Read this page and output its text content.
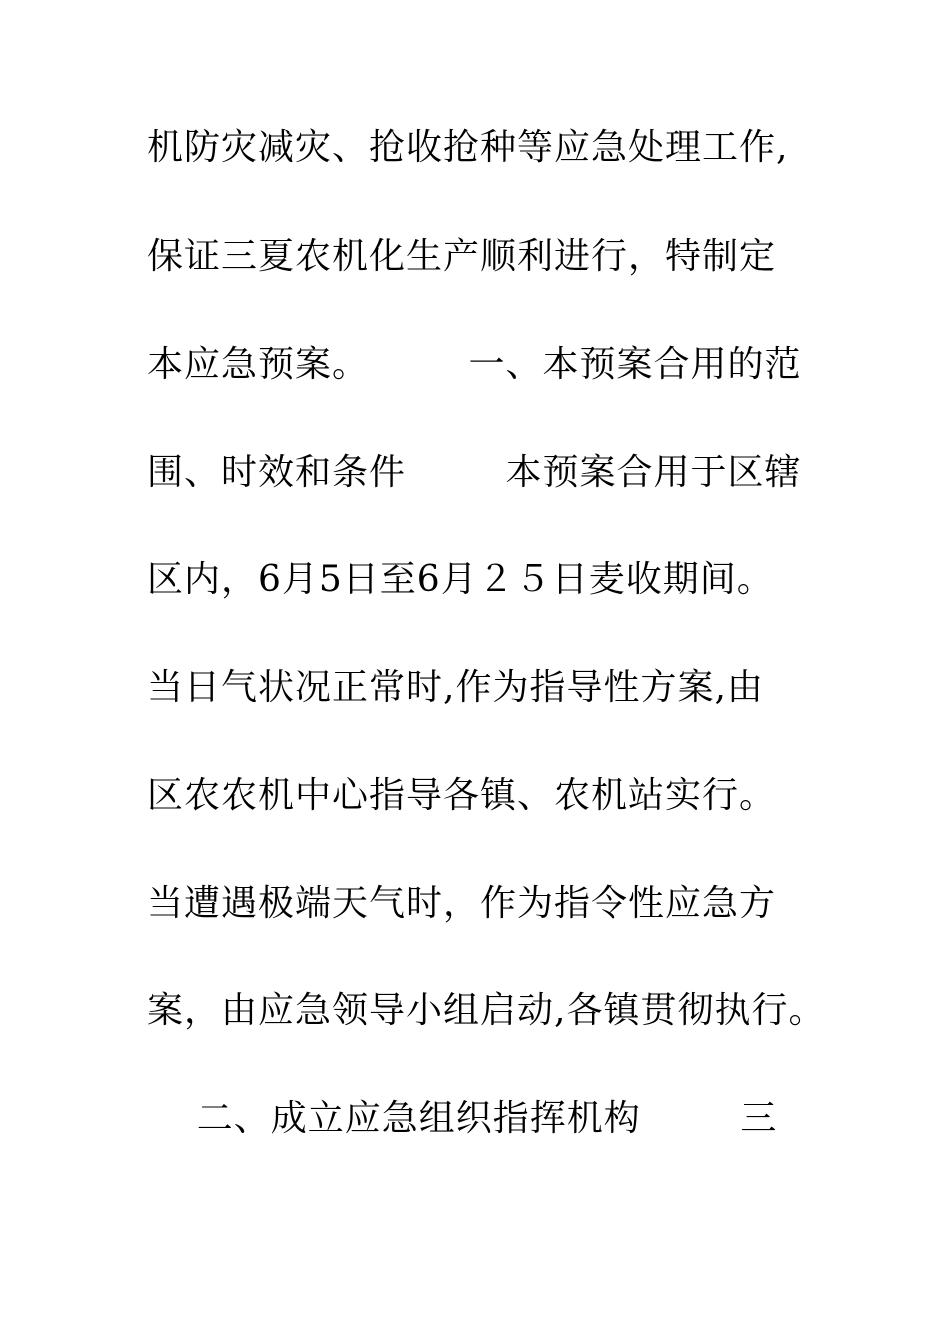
机防灾减灾、抢收抢种等应急处理工作,
保证三夏农机化生产顺利进行，特制定
本应急预案。        一、本预案合用的范
围、时效和条件        本预案合用于区辖
区内，6月5日至6月２５日麦收期间。
当日气状况正常时,作为指导性方案,由
区农农机中心指导各镇、农机站实行。
当遭遇极端天气时，作为指令性应急方
案，由应急领导小组启动,各镇贯彻执行。
二、成立应急组织指挥机构        三
